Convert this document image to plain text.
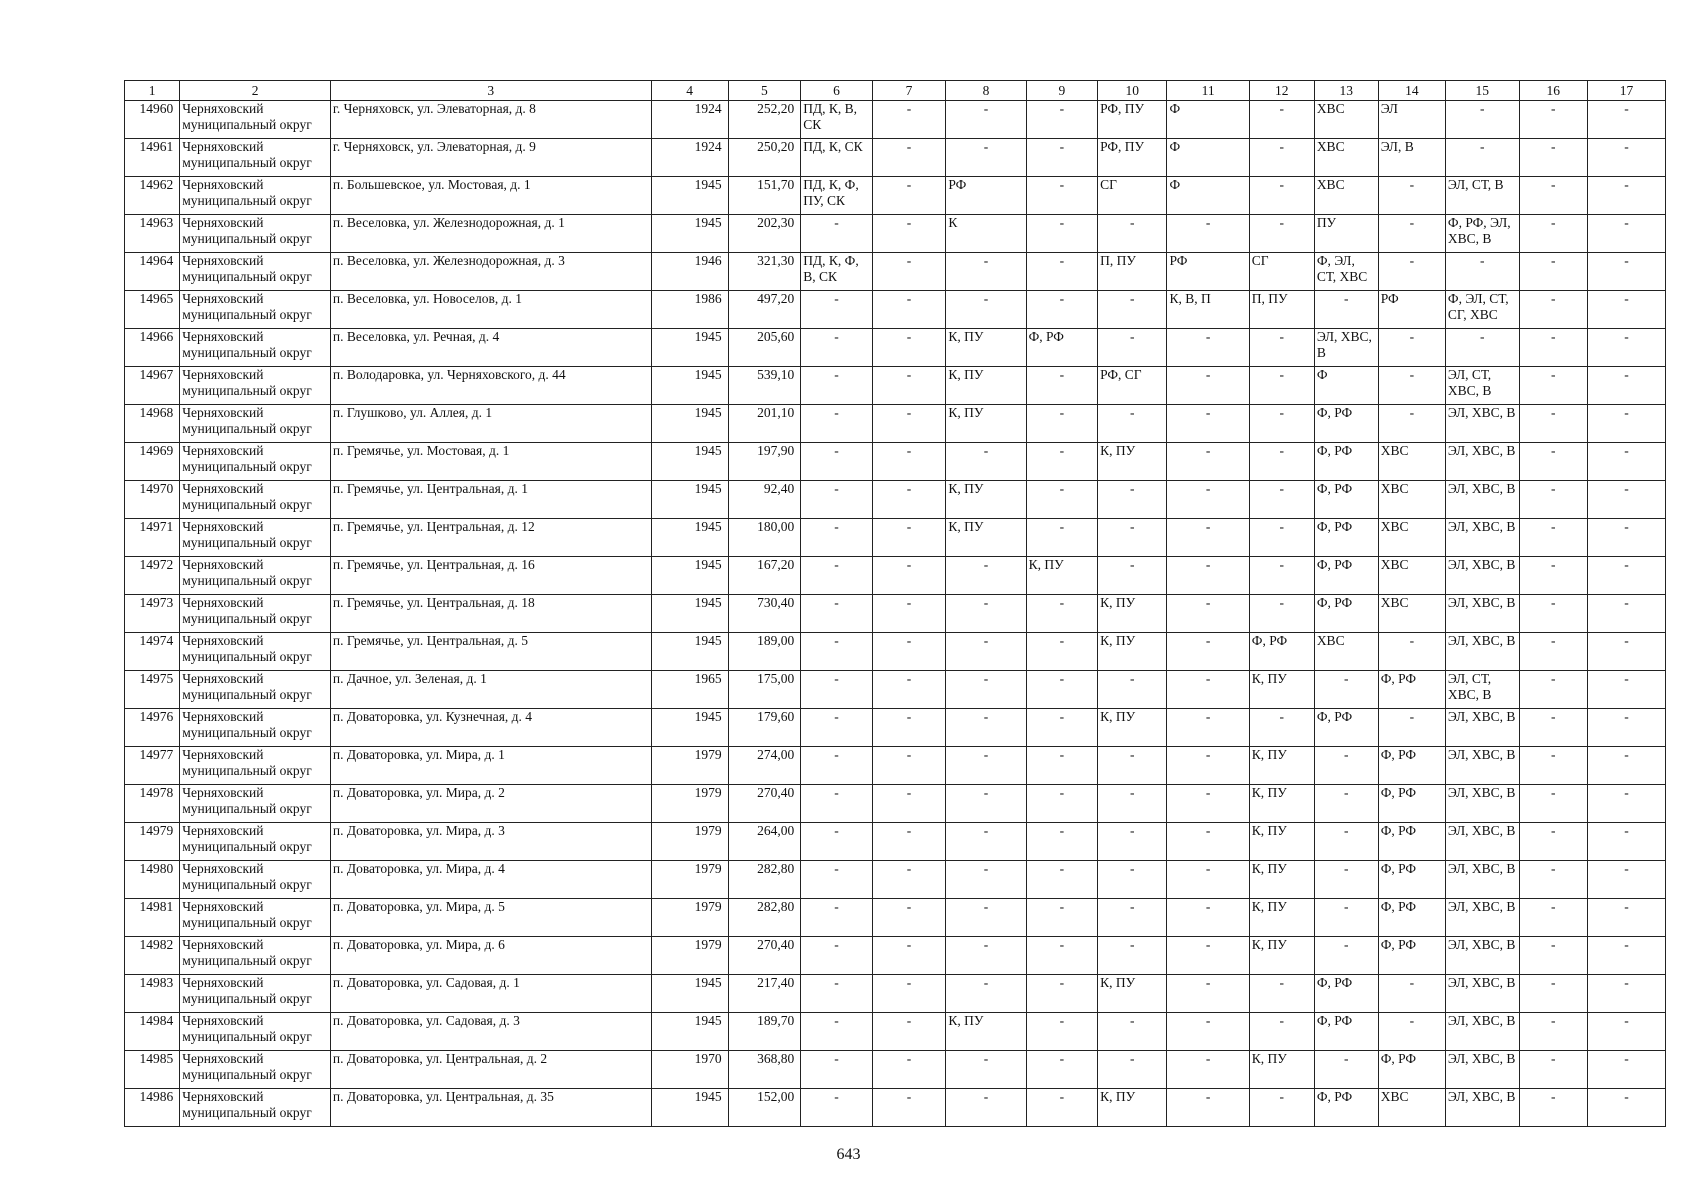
1	2	3	4	5	6	7	8	9	10	11	12	13	14	15	16	17
14960	Черняховский муниципальный округ	г. Черняховск, ул. Элеваторная, д. 8	1924	252,20	ПД, К, В, СК	-	-	-	РФ, ПУ	Ф	-	ХВС	ЭЛ	-	-	-
14961	Черняховский муниципальный округ	г. Черняховск, ул. Элеваторная, д. 9	1924	250,20	ПД, К, СК	-	-	-	РФ, ПУ	Ф	-	ХВС	ЭЛ, В	-	-	-
14962	Черняховский муниципальный округ	п. Большевское, ул. Мостовая, д. 1	1945	151,70	ПД, К, Ф, ПУ, СК	-	РФ	-	СГ	Ф	-	ХВС	-	ЭЛ, СТ, В	-	-
14963	Черняховский муниципальный округ	п. Веселовка, ул. Железнодорожная, д. 1	1945	202,30	-	-	К	-	-	-	-	ПУ	-	Ф, РФ, ЭЛ, ХВС, В	-	-
14964	Черняховский муниципальный округ	п. Веселовка, ул. Железнодорожная, д. 3	1946	321,30	ПД, К, Ф, В, СК	-	-	-	П, ПУ	РФ	СГ	Ф, ЭЛ, СТ, ХВС	-	-	-	-
14965	Черняховский муниципальный округ	п. Веселовка, ул. Новоселов, д. 1	1986	497,20	-	-	-	-	-	К, В, П	П, ПУ	-	РФ	Ф, ЭЛ, СТ, СГ, ХВС	-	-
14966	Черняховский муниципальный округ	п. Веселовка, ул. Речная, д. 4	1945	205,60	-	-	К, ПУ	Ф, РФ	-	-	-	ЭЛ, ХВС, В	-	-	-	-
14967	Черняховский муниципальный округ	п. Володаровка, ул. Черняховского, д. 44	1945	539,10	-	-	К, ПУ	-	РФ, СГ	-	-	Ф	-	ЭЛ, СТ, ХВС, В	-	-
14968	Черняховский муниципальный округ	п. Глушково, ул. Аллея, д. 1	1945	201,10	-	-	К, ПУ	-	-	-	-	Ф, РФ	-	ЭЛ, ХВС, В	-	-
14969	Черняховский муниципальный округ	п. Гремячье, ул. Мостовая, д. 1	1945	197,90	-	-	-	-	К, ПУ	-	-	Ф, РФ	ХВС	ЭЛ, ХВС, В	-	-
14970	Черняховский муниципальный округ	п. Гремячье, ул. Центральная, д. 1	1945	92,40	-	-	К, ПУ	-	-	-	-	Ф, РФ	ХВС	ЭЛ, ХВС, В	-	-
14971	Черняховский муниципальный округ	п. Гремячье, ул. Центральная, д. 12	1945	180,00	-	-	К, ПУ	-	-	-	-	Ф, РФ	ХВС	ЭЛ, ХВС, В	-	-
14972	Черняховский муниципальный округ	п. Гремячье, ул. Центральная, д. 16	1945	167,20	-	-	-	К, ПУ	-	-	-	Ф, РФ	ХВС	ЭЛ, ХВС, В	-	-
14973	Черняховский муниципальный округ	п. Гремячье, ул. Центральная, д. 18	1945	730,40	-	-	-	-	К, ПУ	-	-	Ф, РФ	ХВС	ЭЛ, ХВС, В	-	-
14974	Черняховский муниципальный округ	п. Гремячье, ул. Центральная, д. 5	1945	189,00	-	-	-	-	К, ПУ	-	Ф, РФ	ХВС	-	ЭЛ, ХВС, В	-	-
14975	Черняховский муниципальный округ	п. Дачное, ул. Зеленая, д. 1	1965	175,00	-	-	-	-	-	-	К, ПУ	-	Ф, РФ	ЭЛ, СТ, ХВС, В	-	-
14976	Черняховский муниципальный округ	п. Доваторовка, ул. Кузнечная, д. 4	1945	179,60	-	-	-	-	К, ПУ	-	-	Ф, РФ	-	ЭЛ, ХВС, В	-	-
14977	Черняховский муниципальный округ	п. Доваторовка, ул. Мира, д. 1	1979	274,00	-	-	-	-	-	-	К, ПУ	-	Ф, РФ	ЭЛ, ХВС, В	-	-
14978	Черняховский муниципальный округ	п. Доваторовка, ул. Мира, д. 2	1979	270,40	-	-	-	-	-	-	К, ПУ	-	Ф, РФ	ЭЛ, ХВС, В	-	-
14979	Черняховский муниципальный округ	п. Доваторовка, ул. Мира, д. 3	1979	264,00	-	-	-	-	-	-	К, ПУ	-	Ф, РФ	ЭЛ, ХВС, В	-	-
14980	Черняховский муниципальный округ	п. Доваторовка, ул. Мира, д. 4	1979	282,80	-	-	-	-	-	-	К, ПУ	-	Ф, РФ	ЭЛ, ХВС, В	-	-
14981	Черняховский муниципальный округ	п. Доваторовка, ул. Мира, д. 5	1979	282,80	-	-	-	-	-	-	К, ПУ	-	Ф, РФ	ЭЛ, ХВС, В	-	-
14982	Черняховский муниципальный округ	п. Доваторовка, ул. Мира, д. 6	1979	270,40	-	-	-	-	-	-	К, ПУ	-	Ф, РФ	ЭЛ, ХВС, В	-	-
14983	Черняховский муниципальный округ	п. Доваторовка, ул. Садовая, д. 1	1945	217,40	-	-	-	-	К, ПУ	-	-	Ф, РФ	-	ЭЛ, ХВС, В	-	-
14984	Черняховский муниципальный округ	п. Доваторовка, ул. Садовая, д. 3	1945	189,70	-	-	К, ПУ	-	-	-	-	Ф, РФ	-	ЭЛ, ХВС, В	-	-
14985	Черняховский муниципальный округ	п. Доваторовка, ул. Центральная, д. 2	1970	368,80	-	-	-	-	-	-	К, ПУ	-	Ф, РФ	ЭЛ, ХВС, В	-	-
14986	Черняховский муниципальный округ	п. Доваторовка, ул. Центральная, д. 35	1945	152,00	-	-	-	-	К, ПУ	-	-	Ф, РФ	ХВС	ЭЛ, ХВС, В	-	-
643
